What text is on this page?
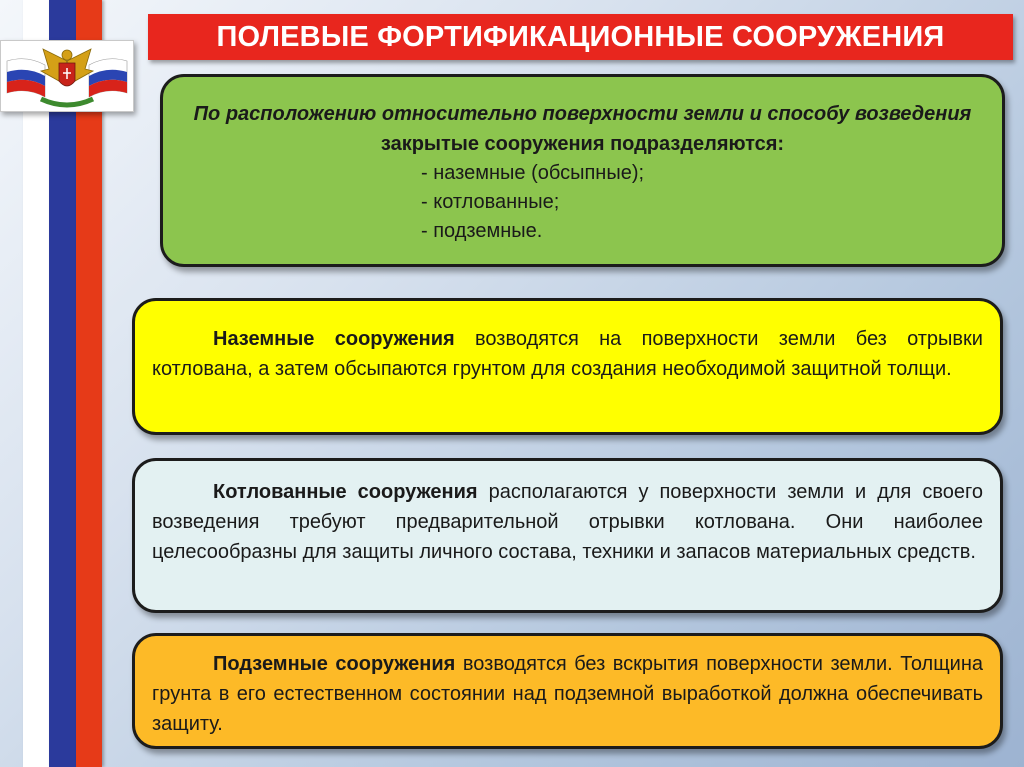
ПОЛЕВЫЕ ФОРТИФИКАЦИОННЫЕ СООРУЖЕНИЯ
По расположению относительно поверхности земли и способу возведения закрытые сооружения подразделяются:
- наземные (обсыпные);
- котлованные;
- подземные.

Наземные сооружения возводятся на поверхности земли без отрывки котлована, а затем обсыпаются грунтом для создания необходимой защитной толщи.

Котлованные сооружения располагаются у поверхности земли и для своего возведения требуют предварительной отрывки котлована. Они наиболее целесообразны для защиты личного состава, техники и запасов материальных средств.

Подземные сооружения возводятся без вскрытия поверхности земли. Толщина грунта в его естественном состоянии над подземной выработкой должна обеспечивать защиту.
